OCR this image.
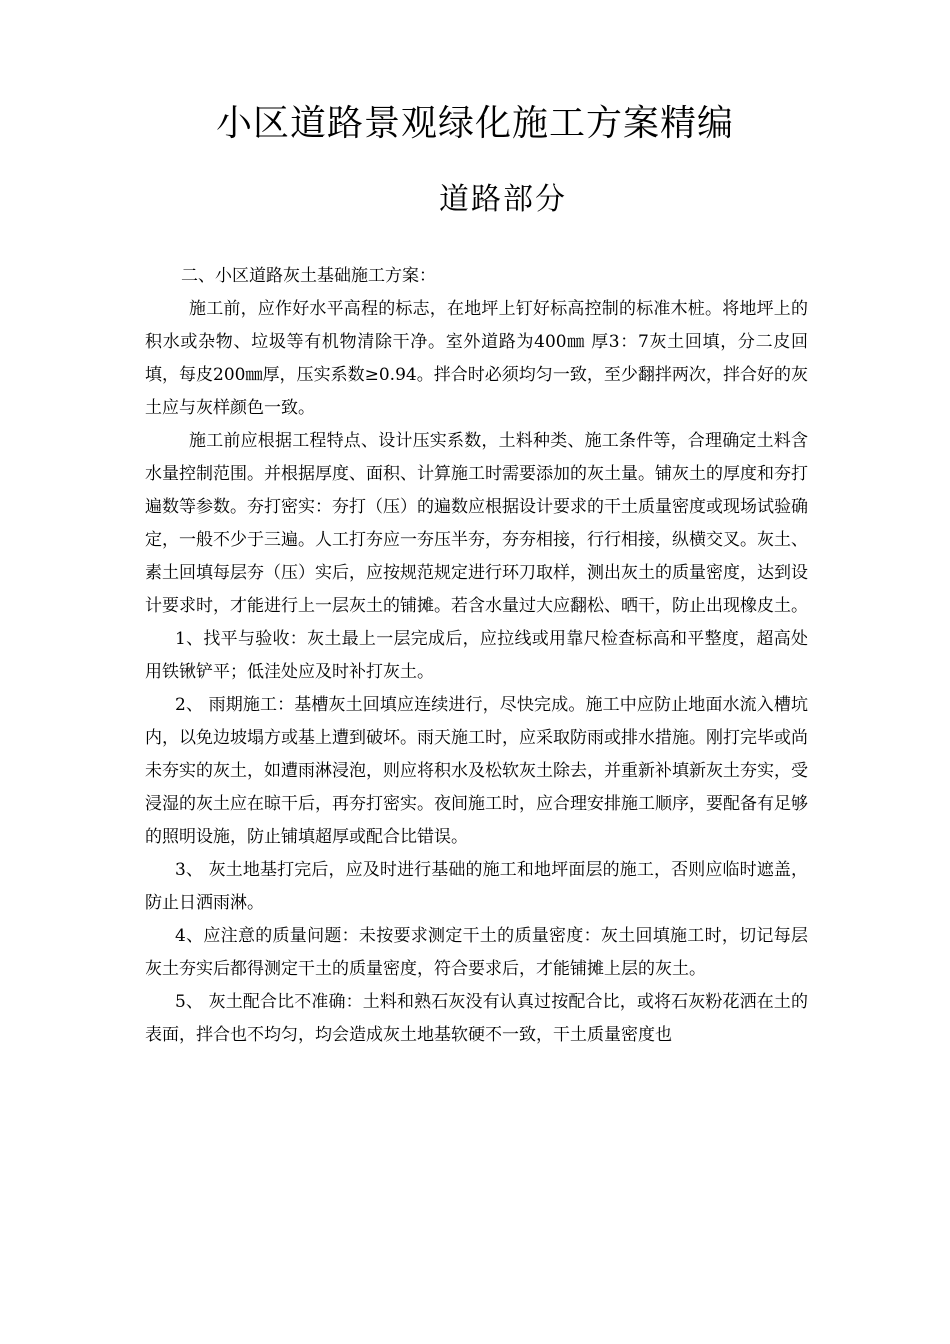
小区道路景观绿化施工方案精编
道路部分

二、小区道路灰土基础施工方案：

施工前，应作好水平高程的标志，在地坪上钉好标高控制的标准木桩。将地坪上的积水或杂物、垃圾等有机物清除干净。室外道路为400㎜ 厚3：7灰土回填，分二皮回填，每皮200㎜厚，压实系数≥0.94。拌合时必须均匀一致，至少翻拌两次，拌合好的灰土应与灰样颜色一致。

施工前应根据工程特点、设计压实系数，土料种类、施工条件等，合理确定土料含水量控制范围。并根据厚度、面积、计算施工时需要添加的灰土量。铺灰土的厚度和夯打遍数等参数。夯打密实：夯打（压）的遍数应根据设计要求的干土质量密度或现场试验确定，一般不少于三遍。人工打夯应一夯压半夯，夯夯相接，行行相接，纵横交叉。灰土、素土回填每层夯（压）实后，应按规范规定进行环刀取样，测出灰土的质量密度，达到设计要求时，才能进行上一层灰土的铺摊。若含水量过大应翻松、晒干，防止出现橡皮土。

1、找平与验收：灰土最上一层完成后，应拉线或用靠尺检查标高和平整度，超高处用铁锹铲平；低洼处应及时补打灰土。

2、 雨期施工：基槽灰土回填应连续进行，尽快完成。施工中应防止地面水流入槽坑内，以免边坡塌方或基上遭到破坏。雨天施工时，应采取防雨或排水措施。刚打完毕或尚未夯实的灰土，如遭雨淋浸泡，则应将积水及松软灰土除去，并重新补填新灰土夯实，受浸湿的灰土应在晾干后，再夯打密实。夜间施工时，应合理安排施工顺序，要配备有足够的照明设施，防止铺填超厚或配合比错误。

3、 灰土地基打完后，应及时进行基础的施工和地坪面层的施工，否则应临时遮盖，防止日洒雨淋。

4、应注意的质量问题：未按要求测定干土的质量密度：灰土回填施工时，切记每层灰土夯实后都得测定干土的质量密度，符合要求后，才能铺摊上层的灰土。

5、 灰土配合比不准确：土料和熟石灰没有认真过按配合比，或将石灰粉花洒在土的表面，拌合也不均匀，均会造成灰土地基软硬不一致，干土质量密度也
